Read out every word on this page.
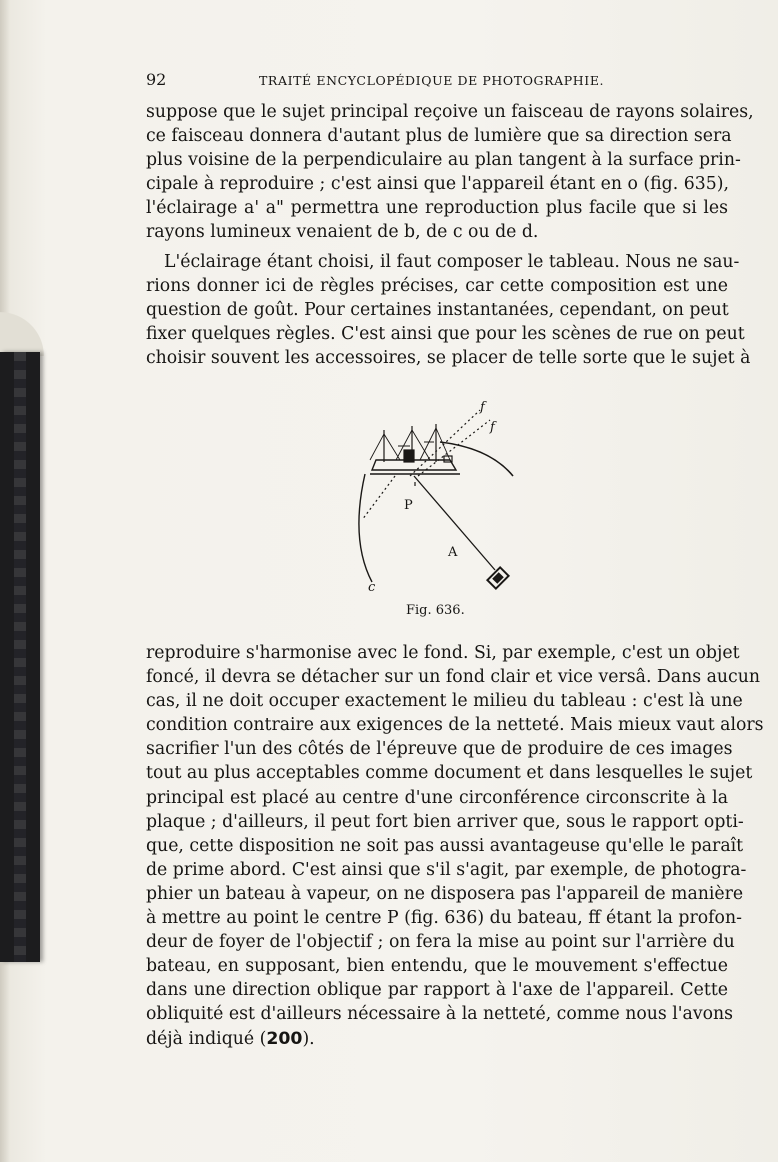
92	TRAITÉ ENCYCLOPÉDIQUE DE PHOTOGRAPHIE.
suppose que le sujet principal reçoive un faisceau de rayons solaires,
ce faisceau donnera d'autant plus de lumière que sa direction sera
plus voisine de la perpendiculaire au plan tangent à la surface prin-
cipale à reproduire ; c'est ainsi que l'appareil étant en o (fig. 635),
l'éclairage a' a" permettra une reproduction plus facile que si les
rayons lumineux venaient de b, de c ou de d.
L'éclairage étant choisi, il faut composer le tableau. Nous ne sau-
rions donner ici de règles précises, car cette composition est une
question de goût. Pour certaines instantanées, cependant, on peut
fixer quelques règles. C'est ainsi que pour les scènes de rue on peut
choisir souvent les accessoires, se placer de telle sorte que le sujet à
f
f
P
A
c
Fig. 636.
reproduire s'harmonise avec le fond. Si, par exemple, c'est un objet
foncé, il devra se détacher sur un fond clair et vice versâ. Dans aucun
cas, il ne doit occuper exactement le milieu du tableau : c'est là une
condition contraire aux exigences de la netteté. Mais mieux vaut alors
sacrifier l'un des côtés de l'épreuve que de produire de ces images
tout au plus acceptables comme document et dans lesquelles le sujet
principal est placé au centre d'une circonférence circonscrite à la
plaque ; d'ailleurs, il peut fort bien arriver que, sous le rapport opti-
que, cette disposition ne soit pas aussi avantageuse qu'elle le paraît
de prime abord. C'est ainsi que s'il s'agit, par exemple, de photogra-
phier un bateau à vapeur, on ne disposera pas l'appareil de manière
à mettre au point le centre P (fig. 636) du bateau, ff étant la profon-
deur de foyer de l'objectif ; on fera la mise au point sur l'arrière du
bateau, en supposant, bien entendu, que le mouvement s'effectue
dans une direction oblique par rapport à l'axe de l'appareil. Cette
obliquité est d'ailleurs nécessaire à la netteté, comme nous l'avons
déjà indiqué (200).
